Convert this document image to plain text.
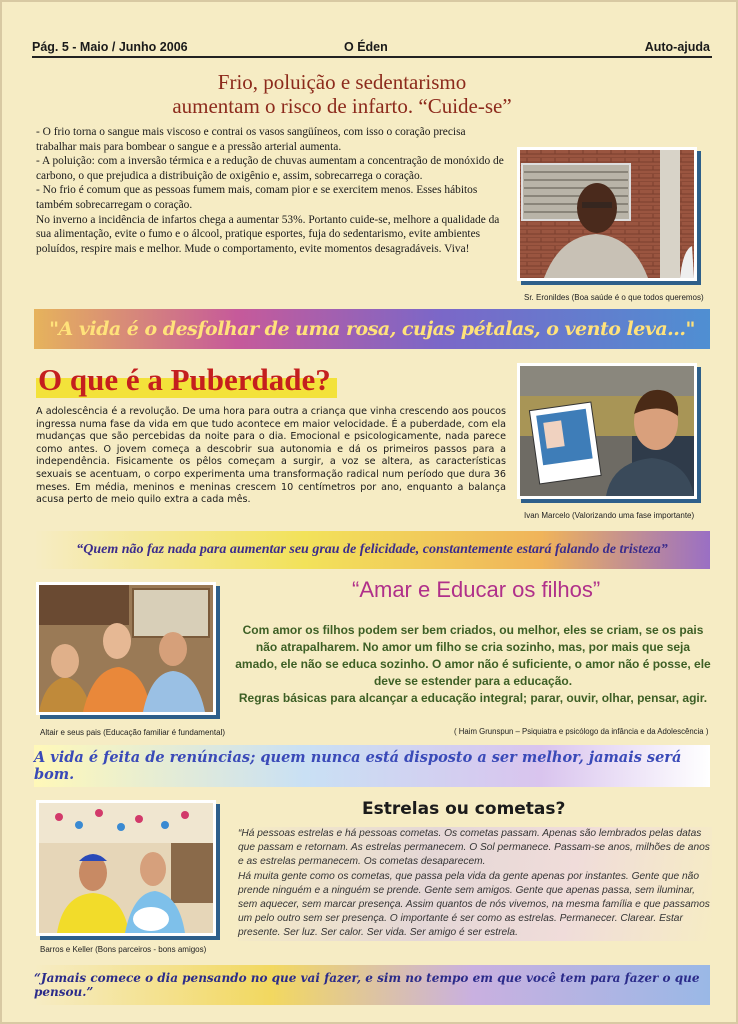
Pág. 5 - Maio / Junho 2006	O Éden	Auto-ajuda
Frio, poluição e sedentarismo
aumentam o risco de infarto. “Cuide-se”

- O frio torna o sangue mais viscoso e contrai os vasos sangüíneos, com isso o coração precisa trabalhar mais para bombear o sangue e a pressão arterial aumenta.

- A poluição: com a inversão térmica e a redução de chuvas aumentam a concentração de monóxido de carbono, o que prejudica a distribuição de oxigênio e, assim, sobrecarrega o coração.

- No frio é comum que as pessoas fumem mais, comam pior e se exercitem menos. Esses hábitos também sobrecarregam o coração.

No inverno a incidência de infartos chega a aumentar 53%. Portanto cuide-se, melhore a qualidade da sua alimentação, evite o fumo e o álcool, pratique esportes, fuja do sedentarismo, evite ambientes poluídos, respire mais e melhor. Mude o comportamento, evite momentos desagradáveis. Viva!

Sr. Eronildes (Boa saúde é o que todos queremos)
"A vida é o desfolhar de uma rosa, cujas pétalas, o vento leva..."
O que é a Puberdade?
A adolescência é a revolução. De uma hora para outra a criança que vinha crescendo aos poucos ingressa numa fase da vida em que tudo acontece em maior velocidade. É a puberdade, com ela mudanças que são percebidas da noite para o dia. Emocional e psicologicamente, nada parece como antes. O jovem começa a descobrir sua autonomia e dá os primeiros passos para a independência. Fisicamente os pêlos começam a surgir, a voz se altera, as características sexuais se acentuam, o corpo experimenta uma transformação radical num período que dura 36 meses. Em média, meninos e meninas crescem 10 centímetros por ano, enquanto a balança acusa perto de meio quilo extra a cada mês.
Ivan Marcelo (Valorizando uma fase importante)
“Quem não faz nada para aumentar seu grau de felicidade, constantemente estará falando de tristeza”
Altair e seus pais (Educação familiar é fundamental)
“Amar e Educar os filhos”

Com amor os filhos podem ser bem criados, ou melhor, eles se criam, se os pais não atrapalharem. No amor um filho se cria sozinho, mas, por mais que seja amado, ele não se educa sozinho. O amor não é suficiente, o amor não é posse, ele deve se estender para a educação.

Regras básicas para alcançar a educação integral; parar, ouvir, olhar, pensar, agir.

( Haim Grunspun – Psiquiatra e psicólogo da infância e da Adolescência )
A vida é feita de renúncias; quem nunca está disposto a ser melhor, jamais será bom.
Barros e Keller (Bons parceiros - bons amigos)
Estrelas ou cometas?

“Há pessoas estrelas e há pessoas cometas. Os cometas passam. Apenas são lembrados pelas datas que passam e retornam. As estrelas permanecem. O Sol permanece. Passam-se anos, milhões de anos e as estrelas permanecem. Os cometas desaparecem.

Há muita gente como os cometas, que passa pela vida da gente apenas por instantes. Gente que não prende ninguém e a ninguém se prende. Gente sem amigos. Gente que apenas passa, sem iluminar, sem aquecer, sem marcar presença. Assim quantos de nós vivemos, na mesma família e que passamos um pelo outro sem ser presença. O importante é ser como as estrelas. Permanecer. Clarear. Estar presente. Ser luz. Ser calor. Ser vida. Ser amigo é ser estrela.

“Jamais comece o dia pensando no que vai fazer, e sim no tempo em que você tem para fazer o que pensou.”
